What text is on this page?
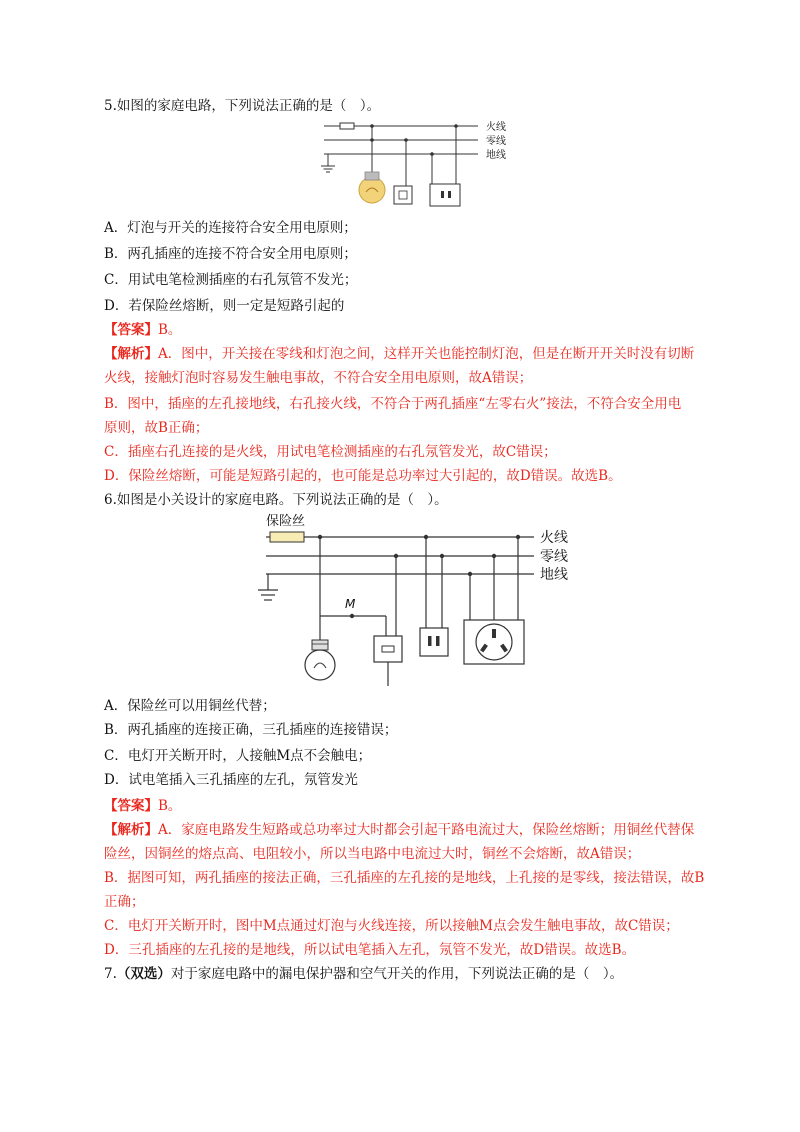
5.如图的家庭电路，下列说法正确的是（　）。
火线
零线
地线
A．灯泡与开关的连接符合安全用电原则；
B．两孔插座的连接不符合安全用电原则；
C．用试电笔检测插座的右孔氖管不发光；
D．若保险丝熔断，则一定是短路引起的
【答案】B。
【解析】A．图中，开关接在零线和灯泡之间，这样开关也能控制灯泡，但是在断开开关时没有切断
火线，接触灯泡时容易发生触电事故，不符合安全用电原则，故A错误；
B．图中，插座的左孔接地线，右孔接火线，不符合于两孔插座“左零右火”接法，不符合安全用电
原则，故B正确；
C．插座右孔连接的是火线，用试电笔检测插座的右孔氖管发光，故C错误；
D．保险丝熔断，可能是短路引起的，也可能是总功率过大引起的，故D错误。故选B。
6.如图是小关设计的家庭电路。下列说法正确的是（　）。
保险丝
M
火线
零线
地线
A．保险丝可以用铜丝代替；
B．两孔插座的连接正确，三孔插座的连接错误；
C．电灯开关断开时，人接触M点不会触电；
D．试电笔插入三孔插座的左孔，氖管发光
【答案】B。
【解析】A．家庭电路发生短路或总功率过大时都会引起干路电流过大，保险丝熔断；用铜丝代替保
险丝，因铜丝的熔点高、电阻较小，所以当电路中电流过大时，铜丝不会熔断，故A错误；
B．据图可知，两孔插座的接法正确，三孔插座的左孔接的是地线，上孔接的是零线，接法错误，故B
正确；
C．电灯开关断开时，图中M点通过灯泡与火线连接，所以接触M点会发生触电事故，故C错误；
D．三孔插座的左孔接的是地线，所以试电笔插入左孔，氖管不发光，故D错误。故选B。
7.（双选）对于家庭电路中的漏电保护器和空气开关的作用，下列说法正确的是（　）。
